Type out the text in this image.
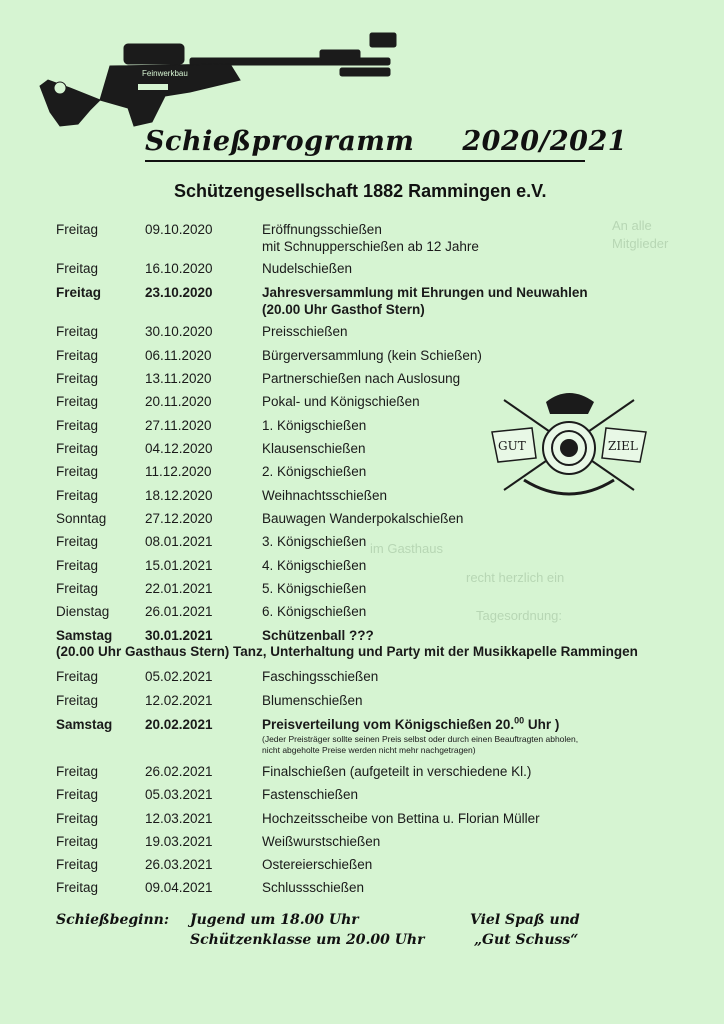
An alle
Mitglieder
im Gasthaus
recht herzlich ein
Tagesordnung:
Feinwerkbau
Schießprogramm 2020/2021
Schützengesellschaft 1882 Rammingen e.V.
GUT	ZIEL
Freitag	09.10.2020	Eröffnungsschießen
mit Schnupperschießen ab 12 Jahre
Freitag	16.10.2020	Nudelschießen
Freitag	23.10.2020	Jahresversammlung mit Ehrungen und Neuwahlen
(20.00 Uhr Gasthof Stern)
Freitag	30.10.2020	Preisschießen
Freitag	06.11.2020	Bürgerversammlung (kein Schießen)
Freitag	13.11.2020	Partnerschießen nach Auslosung
Freitag	20.11.2020	Pokal- und Königschießen
Freitag	27.11.2020	1. Königschießen
Freitag	04.12.2020	Klausenschießen
Freitag	11.12.2020	2. Königschießen
Freitag	18.12.2020	Weihnachtsschießen
Sonntag	27.12.2020	Bauwagen Wanderpokalschießen
Freitag	08.01.2021	3. Königschießen
Freitag	15.01.2021	4. Königschießen
Freitag	22.01.2021	5. Königschießen
Dienstag	26.01.2021	6. Königschießen
Samstag 30.01.2021	Schützenball ???
(20.00 Uhr Gasthaus Stern) Tanz, Unterhaltung und Party mit der Musikkapelle Rammingen
Freitag	05.02.2021	Faschingsschießen
Freitag	12.02.2021	Blumenschießen
Samstag 20.02.2021	Preisverteilung vom Königschießen 20.00 Uhr )
(Jeder Preisträger sollte seinen Preis selbst oder durch einen Beauftragten abholen,
nicht abgeholte Preise werden nicht mehr nachgetragen)
Freitag	26.02.2021	Finalschießen (aufgeteilt in verschiedene Kl.)
Freitag	05.03.2021	Fastenschießen
Freitag	12.03.2021	Hochzeitsscheibe von Bettina u. Florian Müller
Freitag	19.03.2021	Weißwurstschießen
Freitag	26.03.2021	Ostereierschießen
Freitag	09.04.2021	Schlussschießen
Schießbeginn: Jugend um 18.00 Uhr
Schützenklasse um 20.00 Uhr
Viel Spaß und
„Gut Schuss“
